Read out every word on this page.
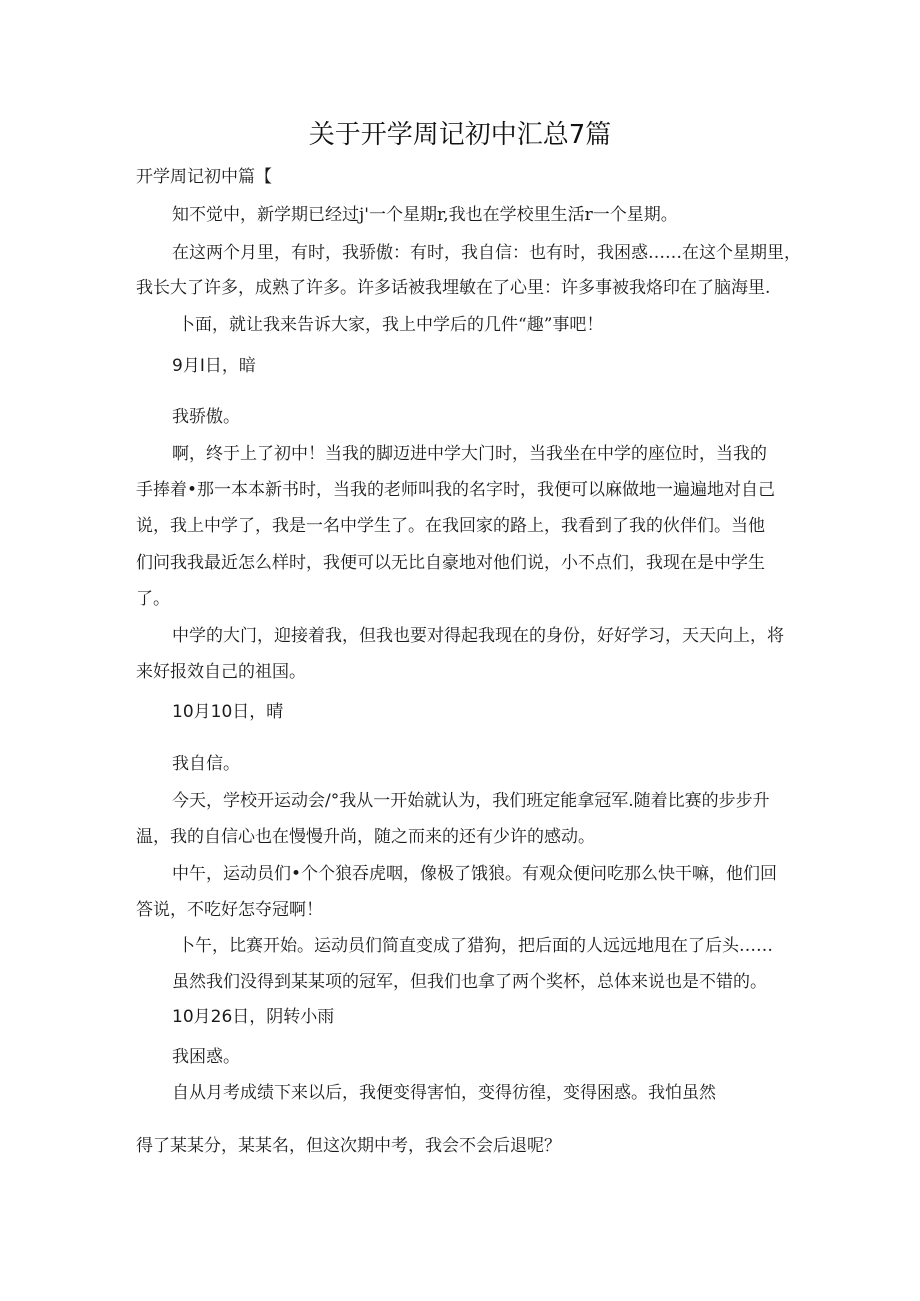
关于开学周记初中汇总7篇
开学周记初中篇【
知不觉中，新学期已经过j'一个星期r,我也在学校里生活r一个星期。
在这两个月里，有时，我骄傲：有时，我自信：也有时，我困惑……在这个星期里，
我长大了许多，成熟了许多。许多话被我埋敏在了心里：许多事被我烙印在了脑海里.
卜面，就让我来告诉大家，我上中学后的几件“趣”事吧！
9月I日，暗
我骄傲。
啊，终于上了初中！当我的脚迈进中学大门时，当我坐在中学的座位时，当我的
手捧着•那一本本新书时，当我的老师叫我的名字时，我便可以麻做地一遍遍地对自己
说，我上中学了，我是一名中学生了。在我回家的路上，我看到了我的伙伴们。当他
们问我我最近怎么样时，我便可以无比自豪地对他们说，小不点们，我现在是中学生
了。
中学的大门，迎接着我，但我也要对得起我现在的身份，好好学习，天天向上，将
来好报效自己的祖国。
10月10日，晴
我自信。
今天，学校开运动会/°我从一开始就认为，我们班定能拿冠军.随着比赛的步步升
温，我的自信心也在慢慢升尚，随之而来的还有少许的感动。
中午，运动员们•个个狼吞虎咽，像极了饿狼。有观众便问吃那么快干嘛，他们回
答说，不吃好怎夺冠啊！
卜午，比赛开始。运动员们简直变成了猎狗，把后面的人远远地甩在了后头……
虽然我们没得到某某项的冠军，但我们也拿了两个奖杯，总体来说也是不错的。
10月26日，阴转小雨
我困惑。
自从月考成绩下来以后，我便变得害怕，变得彷徨，变得困惑。我怕虽然
得了某某分，某某名，但这次期中考，我会不会后退呢？
